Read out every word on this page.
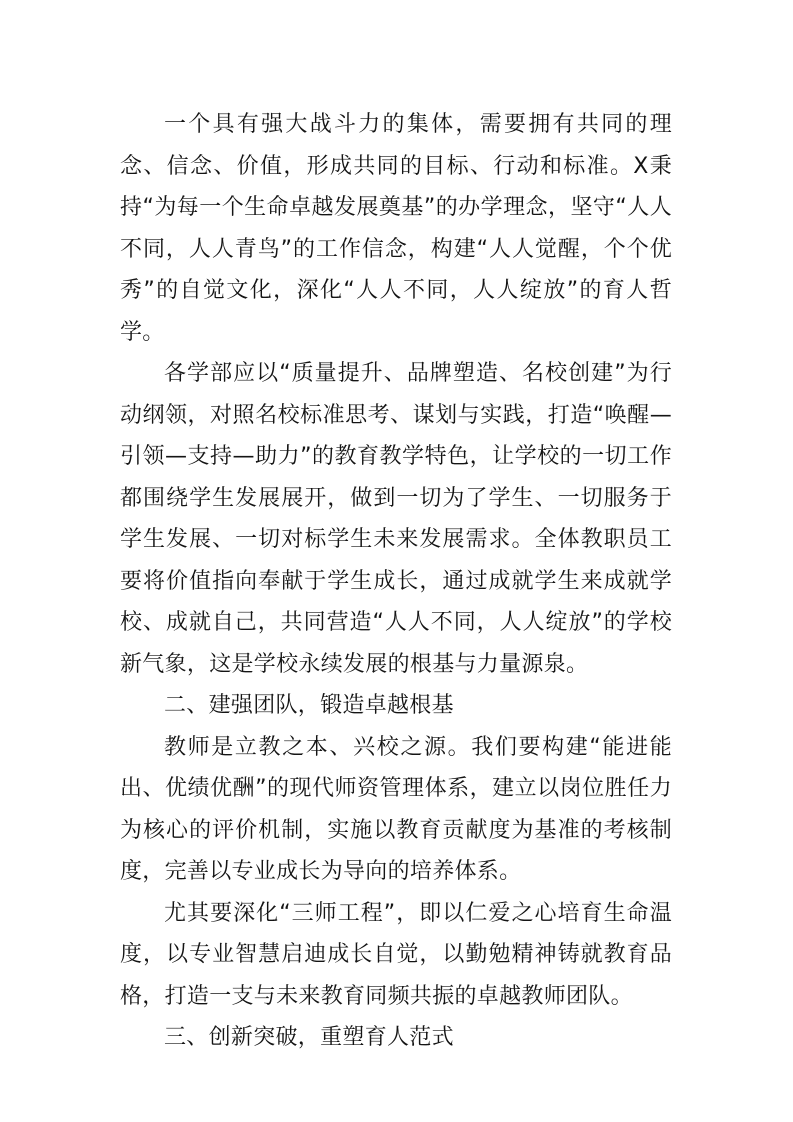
一个具有强大战斗力的集体，需要拥有共同的理念、信念、价值，形成共同的目标、行动和标准。X秉持“为每一个生命卓越发展奠基”的办学理念，坚守“人人不同，人人青鸟”的工作信念，构建“人人觉醒，个个优秀”的自觉文化，深化“人人不同，人人绽放”的育人哲学。

各学部应以“质量提升、品牌塑造、名校创建”为行动纲领，对照名校标准思考、谋划与实践，打造“唤醒—引领—支持—助力”的教育教学特色，让学校的一切工作都围绕学生发展展开，做到一切为了学生、一切服务于学生发展、一切对标学生未来发展需求。全体教职员工要将价值指向奉献于学生成长，通过成就学生来成就学校、成就自己，共同营造“人人不同，人人绽放”的学校新气象，这是学校永续发展的根基与力量源泉。

二、建强团队，锻造卓越根基

教师是立教之本、兴校之源。我们要构建“能进能出、优绩优酬”的现代师资管理体系，建立以岗位胜任力为核心的评价机制，实施以教育贡献度为基准的考核制度，完善以专业成长为导向的培养体系。

尤其要深化“三师工程”，即以仁爱之心培育生命温度，以专业智慧启迪成长自觉，以勤勉精神铸就教育品格，打造一支与未来教育同频共振的卓越教师团队。

三、创新突破，重塑育人范式
